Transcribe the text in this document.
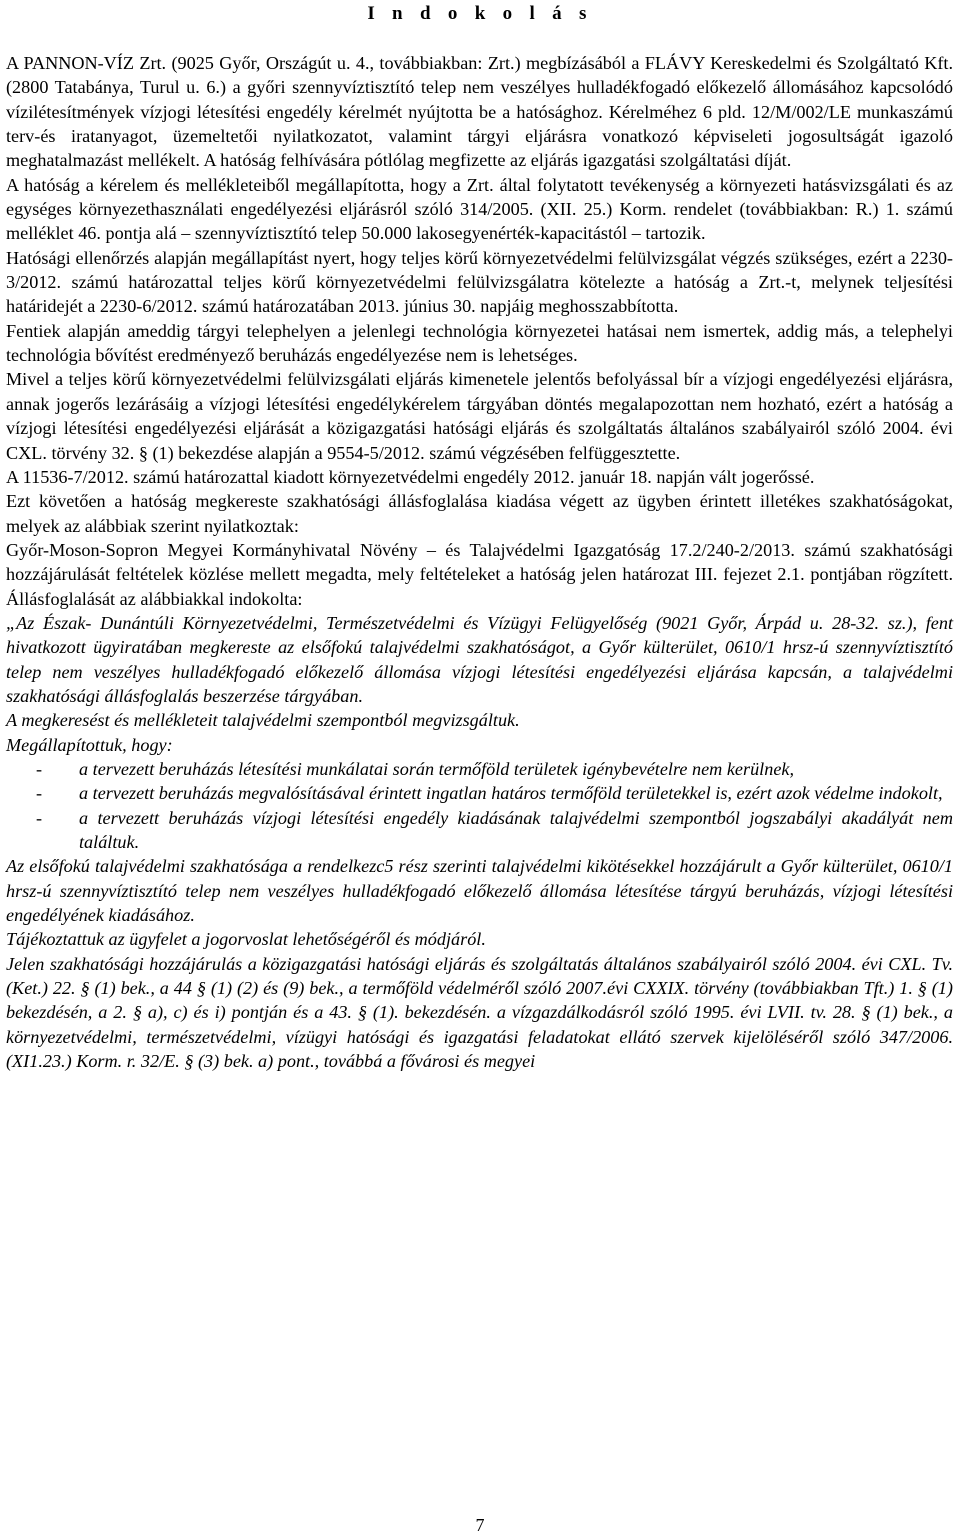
I n d o k o l á s

A PANNON-VÍZ Zrt. (9025 Győr, Országút u. 4., továbbiakban: Zrt.) megbízásából a FLÁVY Kereskedelmi és Szolgáltató Kft. (2800 Tatabánya, Turul u. 6.) a győri szennyvíztisztító telep nem veszélyes hulladékfogadó előkezelő állomásához kapcsolódó vízilétesítmények vízjogi létesítési engedély kérelmét nyújtotta be a hatósághoz. Kérelméhez 6 pld. 12/M/002/LE munkaszámú terv-és iratanyagot, üzemeltetői nyilatkozatot, valamint tárgyi eljárásra vonatkozó képviseleti jogosultságát igazoló meghatalmazást mellékelt. A hatóság felhívására pótlólag megfizette az eljárás igazgatási szolgáltatási díját.

A hatóság a kérelem és mellékleteiből megállapította, hogy a Zrt. által folytatott tevékenység a környezeti hatásvizsgálati és az egységes környezethasználati engedélyezési eljárásról szóló 314/2005. (XII. 25.) Korm. rendelet (továbbiakban: R.) 1. számú melléklet 46. pontja alá – szennyvíztisztító telep 50.000 lakosegyenérték-kapacitástól – tartozik.

Hatósági ellenőrzés alapján megállapítást nyert, hogy teljes körű környezetvédelmi felülvizsgálat végzés szükséges, ezért a 2230-3/2012. számú határozattal teljes körű környezetvédelmi felülvizsgálatra kötelezte a hatóság a Zrt.-t, melynek teljesítési határidejét a 2230-6/2012. számú határozatában 2013. június 30. napjáig meghosszabbította.

Fentiek alapján ameddig tárgyi telephelyen a jelenlegi technológia környezetei hatásai nem ismertek, addig más, a telephelyi technológia bővítést eredményező beruházás engedélyezése nem is lehetséges.

Mivel a teljes körű környezetvédelmi felülvizsgálati eljárás kimenetele jelentős befolyással bír a vízjogi engedélyezési eljárásra, annak jogerős lezárásáig a vízjogi létesítési engedélykérelem tárgyában döntés megalapozottan nem hozható, ezért a hatóság a vízjogi létesítési engedélyezési eljárását a közigazgatási hatósági eljárás és szolgáltatás általános szabályairól szóló 2004. évi CXL. törvény 32. § (1) bekezdése alapján a 9554-5/2012. számú végzésében felfüggesztette.

A 11536-7/2012. számú határozattal kiadott környezetvédelmi engedély 2012. január 18. napján vált jogerőssé.

Ezt követően a hatóság megkereste szakhatósági állásfoglalása kiadása végett az ügyben érintett illetékes szakhatóságokat, melyek az alábbiak szerint nyilatkoztak:

Győr-Moson-Sopron Megyei Kormányhivatal Növény – és Talajvédelmi Igazgatóság 17.2/240-2/2013. számú szakhatósági hozzájárulását feltételek közlése mellett megadta, mely feltételeket a hatóság jelen határozat III. fejezet 2.1. pontjában rögzített. Állásfoglalását az alábbiakkal indokolta:

„Az Észak- Dunántúli Környezetvédelmi, Természetvédelmi és Vízügyi Felügyelőség (9021 Győr, Árpád u. 28-32. sz.), fent hivatkozott ügyiratában megkereste az elsőfokú talajvédelmi szakhatóságot, a Győr külterület, 0610/1 hrsz-ú szennyvíztisztító telep nem veszélyes hulladékfogadó előkezelő állomása vízjogi létesítési engedélyezési eljárása kapcsán, a talajvédelmi szakhatósági állásfoglalás beszerzése tárgyában.

A megkeresést és mellékleteit talajvédelmi szempontból megvizsgáltuk.

Megállapítottuk, hogy:

- a tervezett beruházás létesítési munkálatai során termőföld területek igénybevételre nem kerülnek,
- a tervezett beruházás megvalósításával érintett ingatlan határos termőföld területekkel is, ezért azok védelme indokolt,
- a tervezett beruházás vízjogi létesítési engedély kiadásának talajvédelmi szempontból jogszabályi akadályát nem találtuk.

Az elsőfokú talajvédelmi szakhatósága a rendelkezc5 rész szerinti talajvédelmi kikötésekkel hozzájárult a Győr külterület, 0610/1 hrsz-ú szennyvíztisztító telep nem veszélyes hulladékfogadó előkezelő állomása létesítése tárgyú beruházás, vízjogi létesítési engedélyének kiadásához.

Tájékoztattuk az ügyfelet a jogorvoslat lehetőségéről és módjáról.

Jelen szakhatósági hozzájárulás a közigazgatási hatósági eljárás és szolgáltatás általános szabályairól szóló 2004. évi CXL. Tv. (Ket.) 22. § (1) bek., a 44 § (1) (2) és (9) bek., a termőföld védelméről szóló 2007.évi CXXIX. törvény (továbbiakban Tft.) 1. § (1) bekezdésén, a 2. § a), c) és i) pontján és a 43. § (1). bekezdésén. a vízgazdálkodásról szóló 1995. évi LVII. tv. 28. § (1) bek., a környezetvédelmi, természetvédelmi, vízügyi hatósági és igazgatási feladatokat ellátó szervek kijelöléséről szóló 347/2006. (XI1.23.) Korm. r. 32/E. § (3) bek. a) pont., továbbá a fővárosi és megyei

7
